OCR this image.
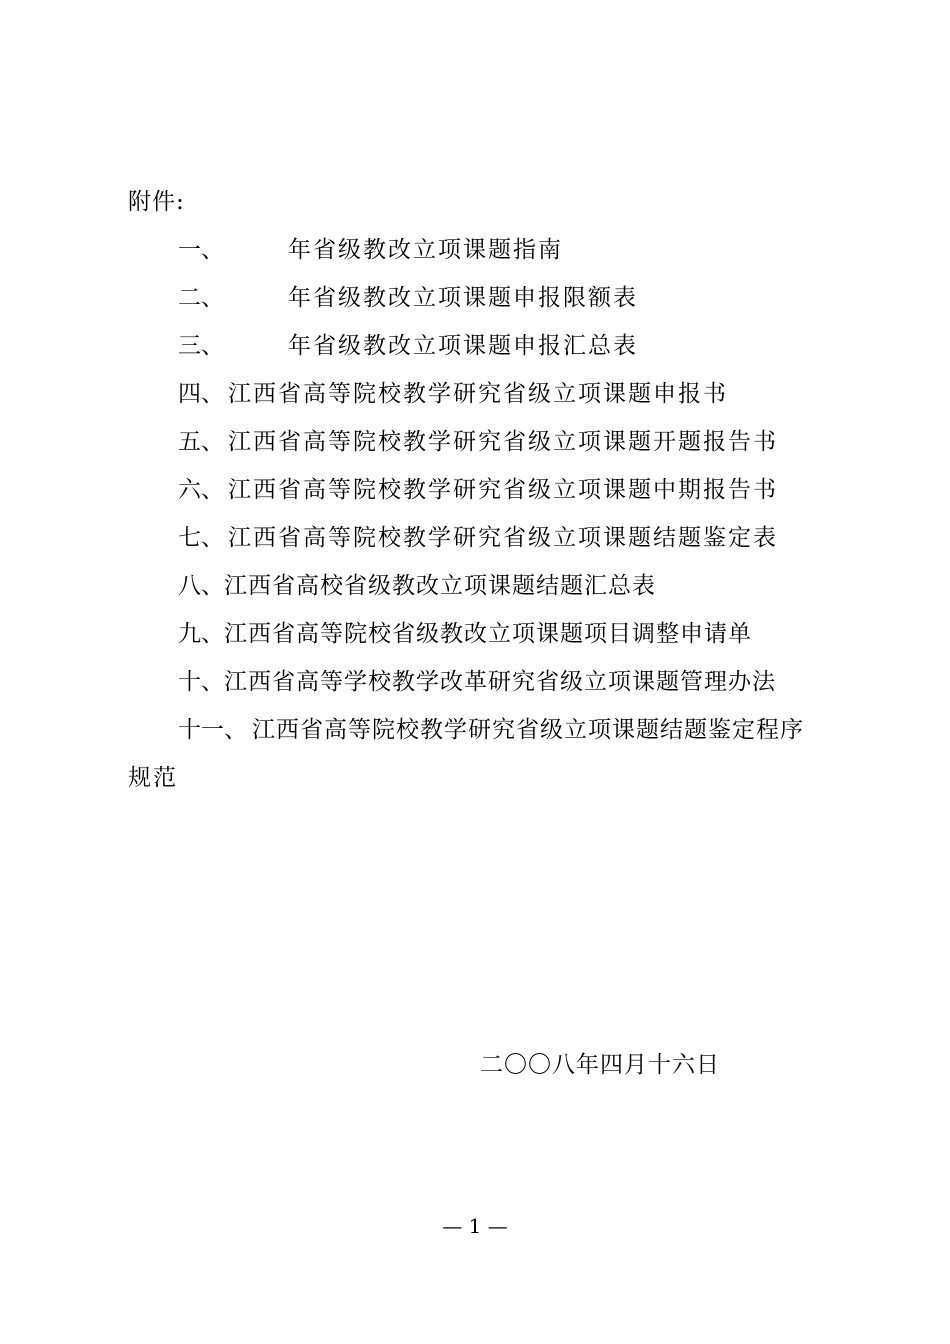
附件:
一、	年省级教改立项课题指南
二、	年省级教改立项课题申报限额表
三、	年省级教改立项课题申报汇总表
四、 江西省高等院校教学研究省级立项课题申报书
五、 江西省高等院校教学研究省级立项课题开题报告书
六、 江西省高等院校教学研究省级立项课题中期报告书
七、 江西省高等院校教学研究省级立项课题结题鉴定表
八、 江西省高校省级教改立项课题结题汇总表
九、 江西省高等院校省级教改立项课题项目调整申请单
十、 江西省高等学校教学改革研究省级立项课题管理办法
十一、 江西省高等院校教学研究省级立项课题结题鉴定程序
规范
二〇〇八年四月十六日
— 1 —
